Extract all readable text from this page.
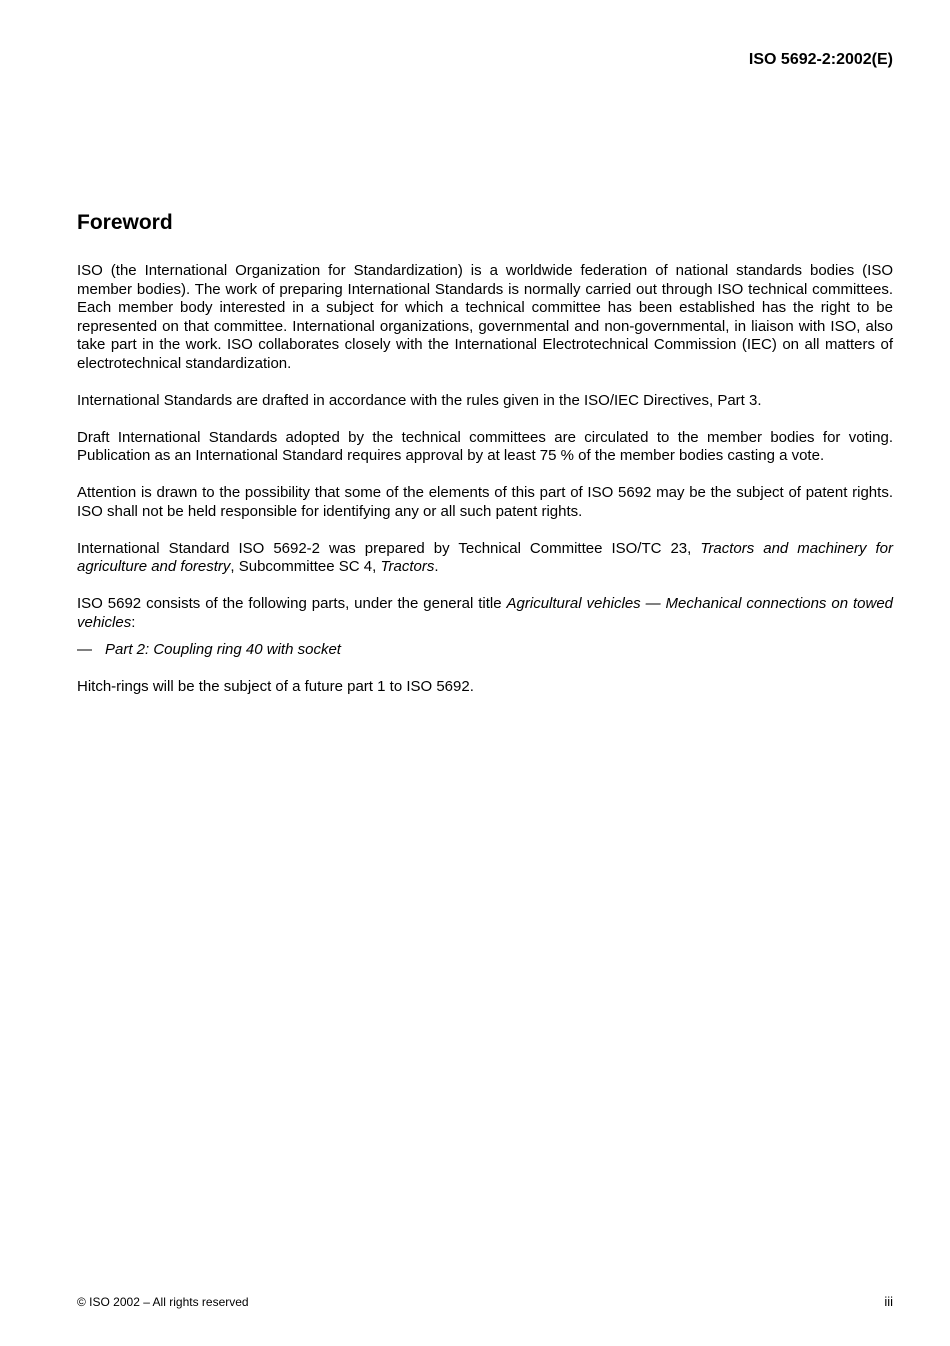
ISO 5692-2:2002(E)
Foreword

ISO (the International Organization for Standardization) is a worldwide federation of national standards bodies (ISO member bodies). The work of preparing International Standards is normally carried out through ISO technical committees. Each member body interested in a subject for which a technical committee has been established has the right to be represented on that committee. International organizations, governmental and non-governmental, in liaison with ISO, also take part in the work. ISO collaborates closely with the International Electrotechnical Commission (IEC) on all matters of electrotechnical standardization.

International Standards are drafted in accordance with the rules given in the ISO/IEC Directives, Part 3.

Draft International Standards adopted by the technical committees are circulated to the member bodies for voting. Publication as an International Standard requires approval by at least 75 % of the member bodies casting a vote.

Attention is drawn to the possibility that some of the elements of this part of ISO 5692 may be the subject of patent rights. ISO shall not be held responsible for identifying any or all such patent rights.

International Standard ISO 5692-2 was prepared by Technical Committee ISO/TC 23, Tractors and machinery for agriculture and forestry, Subcommittee SC 4, Tractors.

ISO 5692 consists of the following parts, under the general title Agricultural vehicles — Mechanical connections on towed vehicles:

— Part 2: Coupling ring 40 with socket

Hitch-rings will be the subject of a future part 1 to ISO 5692.

© ISO 2002 – All rights reserved	iii
